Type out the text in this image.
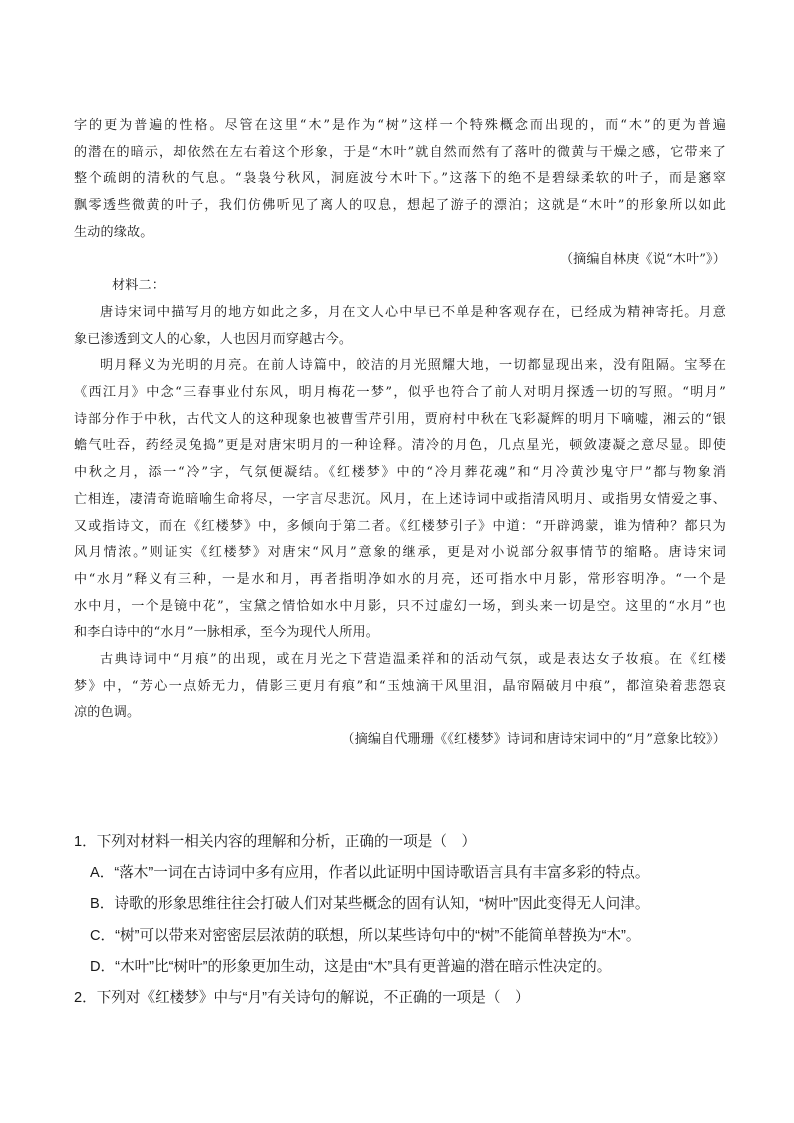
字的更为普遍的性格。尽管在这里“木”是作为“树”这样一个特殊概念而出现的，而“木”的更为普遍

的潜在的暗示，却依然在左右着这个形象，于是“木叶”就自然而然有了落叶的微黄与干燥之感，它带来了

整个疏朗的清秋的气息。“袅袅兮秋风，洞庭波兮木叶下。”这落下的绝不是碧绿柔软的叶子，而是窸窣

飘零透些微黄的叶子，我们仿佛听见了离人的叹息，想起了游子的漂泊；这就是“木叶”的形象所以如此

生动的缘故。

（摘编自林庚《说“木叶”》）

材料二：

唐诗宋词中描写月的地方如此之多，月在文人心中早已不单是种客观存在，已经成为精神寄托。月意

象已渗透到文人的心象，人也因月而穿越古今。

明月释义为光明的月亮。在前人诗篇中，皎洁的月光照耀大地，一切都显现出来，没有阻隔。宝琴在

《西江月》中念“三春事业付东风，明月梅花一梦”，似乎也符合了前人对明月探透一切的写照。“明月”

诗部分作于中秋，古代文人的这种现象也被曹雪芹引用，贾府村中秋在飞彩凝辉的明月下嘀嘘，湘云的“银

蟾气吐吞，药经灵兔捣”更是对唐宋明月的一种诠释。清冷的月色，几点星光，顿敛凄凝之意尽显。即使

中秋之月，添一“冷”字，气氛便凝结。《红楼梦》中的“冷月葬花魂”和“月冷黄沙鬼守尸”都与物象消

亡相连，凄清奇诡暗喻生命将尽，一字言尽悲沉。风月，在上述诗词中或指清风明月、或指男女情爱之事、

又或指诗文，而在《红楼梦》中，多倾向于第二者。《红楼梦引子》中道：“开辟鸿蒙，谁为情种？都只为

风月情浓。”则证实《红楼梦》对唐宋“风月”意象的继承，更是对小说部分叙事情节的缩略。唐诗宋词

中“水月”释义有三种，一是水和月，再者指明净如水的月亮，还可指水中月影，常形容明净。“一个是

水中月，一个是镜中花”，宝黛之情恰如水中月影，只不过虚幻一场，到头来一切是空。这里的“水月”也

和李白诗中的“水月”一脉相承，至今为现代人所用。

古典诗词中“月痕”的出现，或在月光之下营造温柔祥和的活动气氛，或是表达女子妆痕。在《红楼

梦》中，“芳心一点娇无力，倩影三更月有痕”和“玉烛滴干风里泪，晶帘隔破月中痕”，都渲染着悲怨哀

凉的色调。

（摘编自代珊珊《《红楼梦》诗词和唐诗宋词中的“月”意象比较》）

1．下列对材料一相关内容的理解和分析，正确的一项是（　）

A．“落木”一词在古诗词中多有应用，作者以此证明中国诗歌语言具有丰富多彩的特点。

B．诗歌的形象思维往往会打破人们对某些概念的固有认知，“树叶”因此变得无人问津。

C．“树”可以带来对密密层层浓荫的联想，所以某些诗句中的“树”不能简单替换为“木”。

D．“木叶”比“树叶”的形象更加生动，这是由“木”具有更普遍的潜在暗示性决定的。

2．下列对《红楼梦》中与“月”有关诗句的解说，不正确的一项是（　）
